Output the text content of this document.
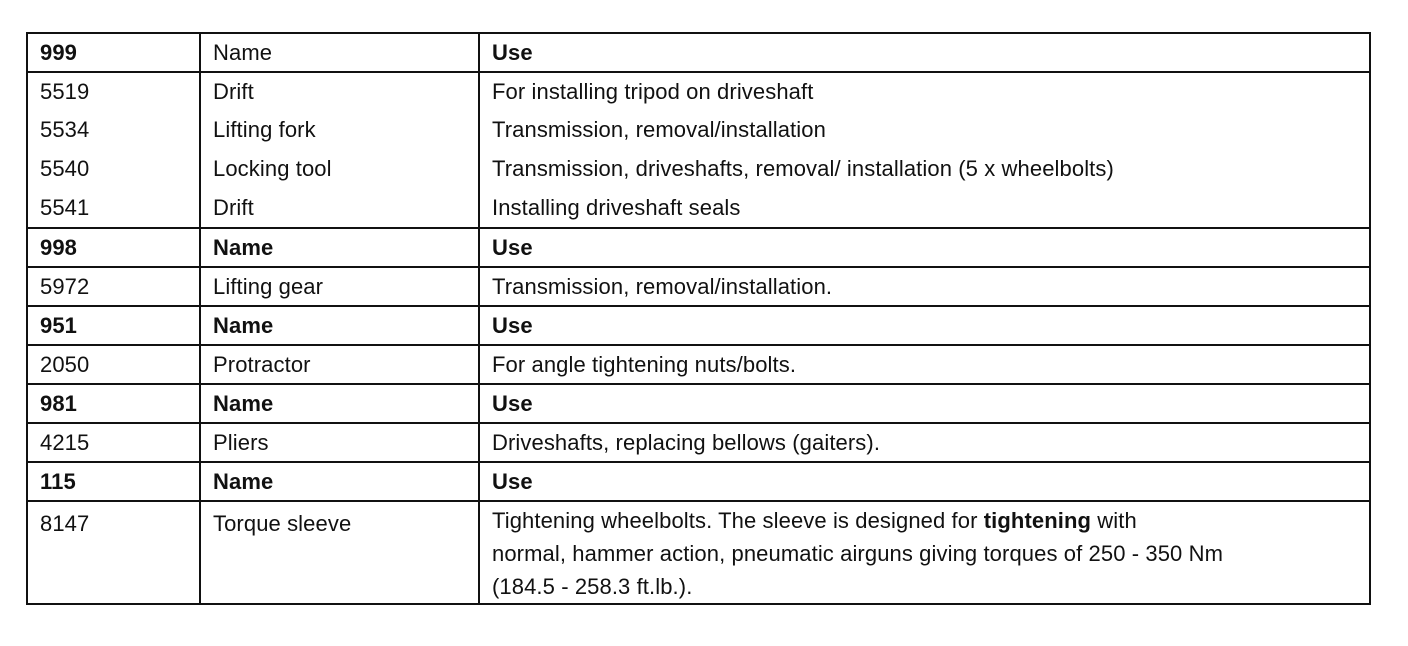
999	Name	Use
5519	Drift	For installing tripod on driveshaft
5534	Lifting fork	Transmission, removal/installation
5540	Locking tool	Transmission, driveshafts, removal/ installation (5 x wheelbolts)
5541	Drift	Installing driveshaft seals
998	Name	Use
5972	Lifting gear	Transmission, removal/installation.
951	Name	Use
2050	Protractor	For angle tightening nuts/bolts.
981	Name	Use
4215	Pliers	Driveshafts, replacing bellows (gaiters).
115	Name	Use
8147	Torque sleeve	Tightening wheelbolts. The sleeve is designed for tightening with
normal, hammer action, pneumatic airguns giving torques of 250 - 350 Nm
(184.5 - 258.3 ft.lb.).
